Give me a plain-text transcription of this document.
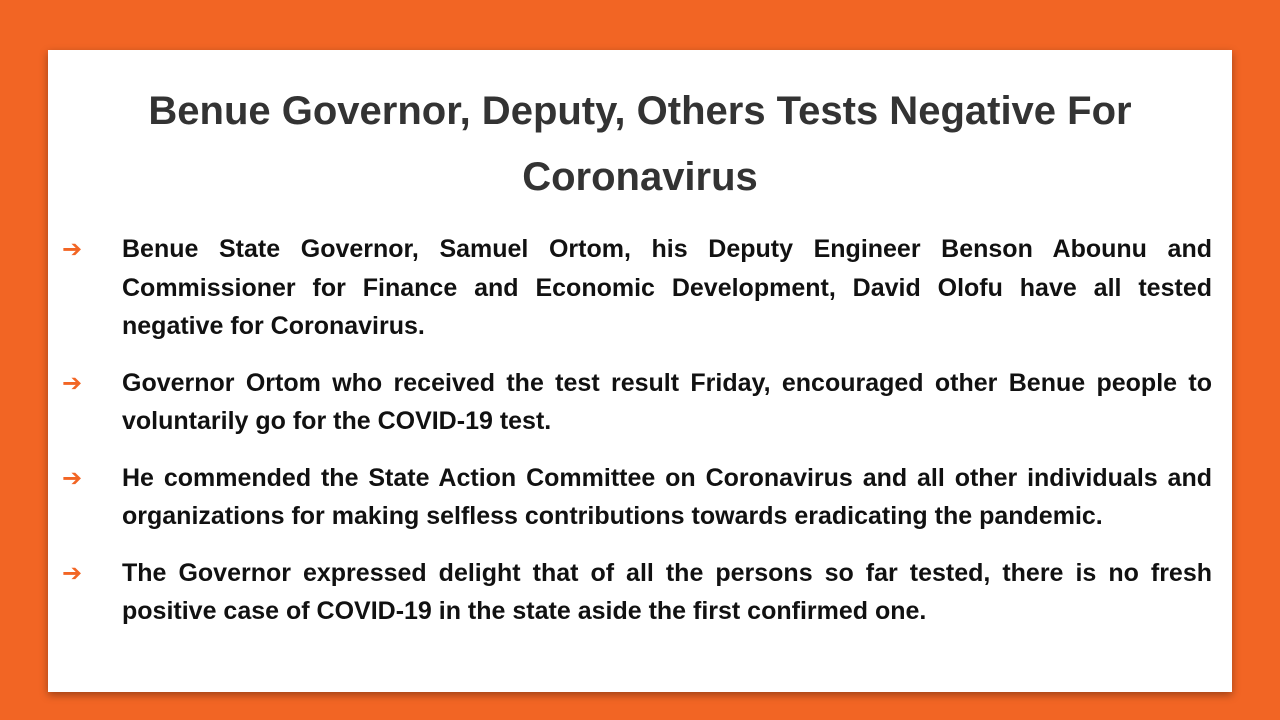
Benue Governor, Deputy, Others Tests Negative For Coronavirus
➔	Benue State Governor, Samuel Ortom, his Deputy Engineer Benson Abounu and Commissioner for Finance and Economic Development, David Olofu have all tested negative for Coronavirus.
➔	Governor Ortom who received the test result Friday, encouraged other Benue people to voluntarily go for the COVID-19 test.
➔	He commended the State Action Committee on Coronavirus and all other individuals and organizations for making selfless contributions towards eradicating the pandemic.
➔	The Governor expressed delight that of all the persons so far tested, there is no fresh positive case of COVID-19 in the state aside the first confirmed one.
